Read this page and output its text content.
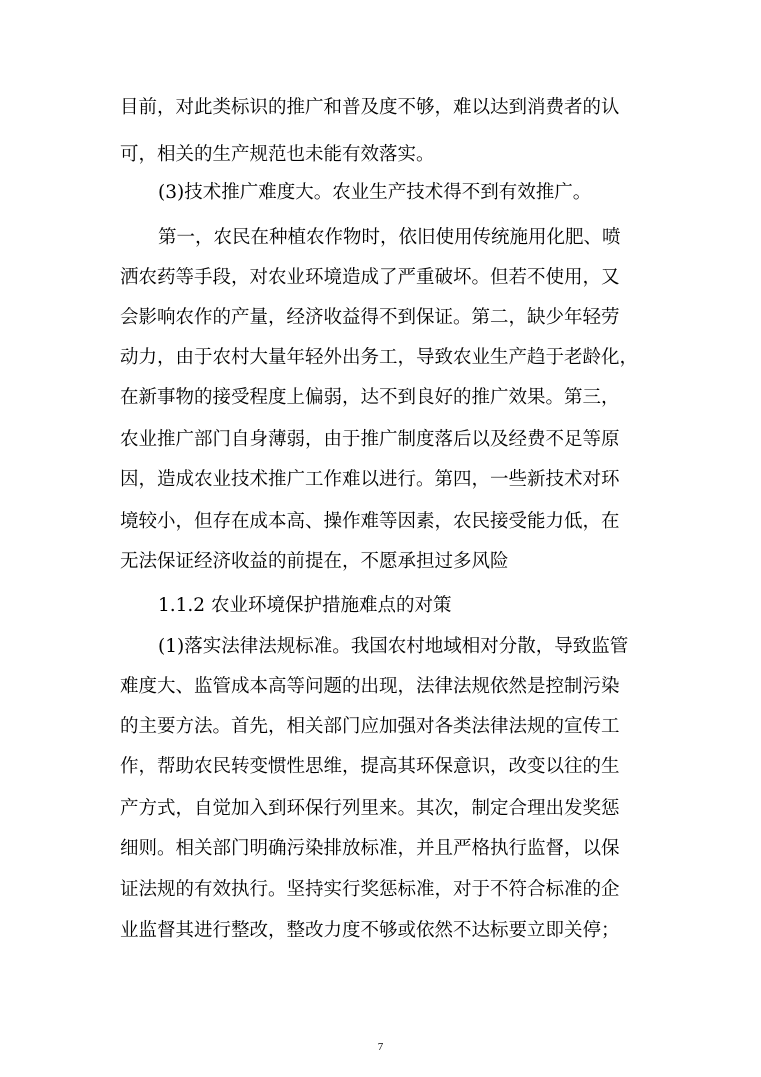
目前，对此类标识的推广和普及度不够，难以达到消费者的认
可，相关的生产规范也未能有效落实。
(3)技术推广难度大。农业生产技术得不到有效推广。
第一，农民在种植农作物时，依旧使用传统施用化肥、喷
洒农药等手段，对农业环境造成了严重破坏。但若不使用，又
会影响农作的产量，经济收益得不到保证。第二，缺少年轻劳
动力，由于农村大量年轻外出务工，导致农业生产趋于老龄化，
在新事物的接受程度上偏弱，达不到良好的推广效果。第三，
农业推广部门自身薄弱，由于推广制度落后以及经费不足等原
因，造成农业技术推广工作难以进行。第四，一些新技术对环
境较小，但存在成本高、操作难等因素，农民接受能力低，在
无法保证经济收益的前提在，不愿承担过多风险
1.1.2 农业环境保护措施难点的对策
(1)落实法律法规标准。我国农村地域相对分散，导致监管
难度大、监管成本高等问题的出现，法律法规依然是控制污染
的主要方法。首先，相关部门应加强对各类法律法规的宣传工
作，帮助农民转变惯性思维，提高其环保意识，改变以往的生
产方式，自觉加入到环保行列里来。其次，制定合理出发奖惩
细则。相关部门明确污染排放标准，并且严格执行监督，以保
证法规的有效执行。坚持实行奖惩标准，对于不符合标准的企
业监督其进行整改，整改力度不够或依然不达标要立即关停；
7
